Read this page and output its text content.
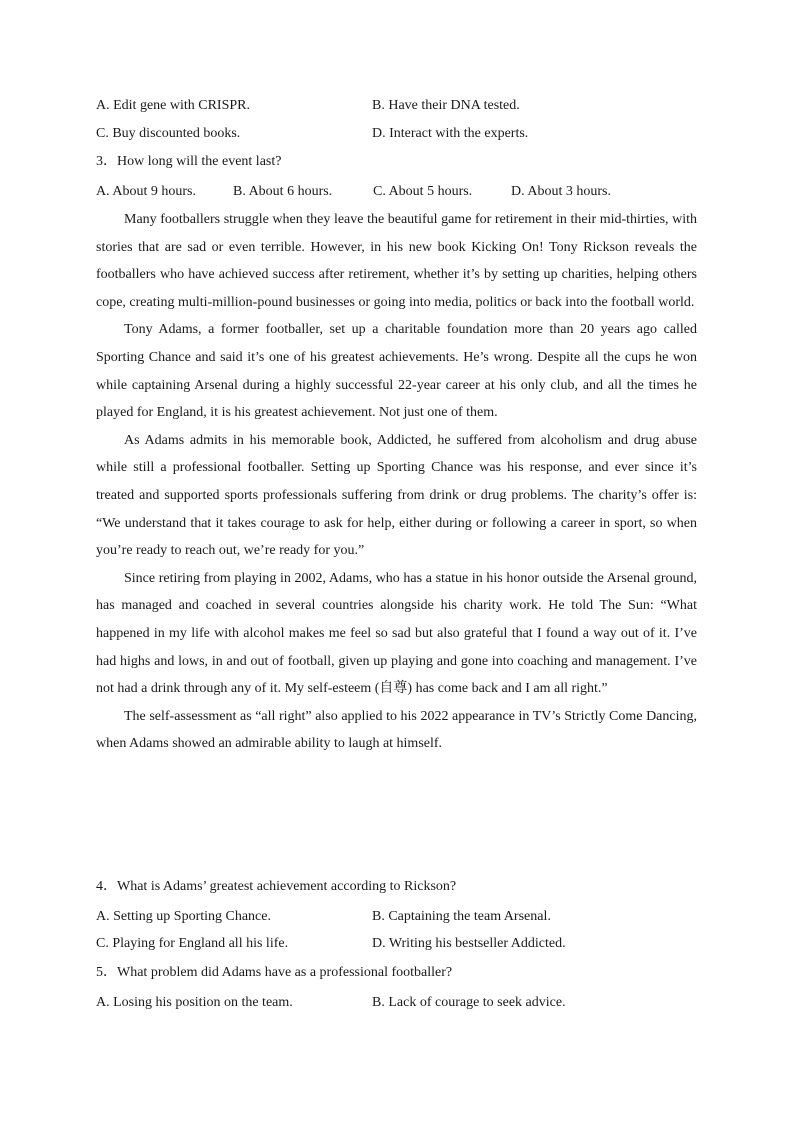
A. Edit gene with CRISPR.	B. Have their DNA tested.
C. Buy discounted books.	D. Interact with the experts.
3．How long will the event last?
A. About 9 hours.	B. About 6 hours.	C. About 5 hours.	D. About 3 hours.

Many footballers struggle when they leave the beautiful game for retirement in their mid-thirties, with stories that are sad or even terrible. However, in his new book Kicking On! Tony Rickson reveals the footballers who have achieved success after retirement, whether it’s by setting up charities, helping others cope, creating multi-million-pound businesses or going into media, politics or back into the football world.

Tony Adams, a former footballer, set up a charitable foundation more than 20 years ago called Sporting Chance and said it’s one of his greatest achievements. He’s wrong. Despite all the cups he won while captaining Arsenal during a highly successful 22-year career at his only club, and all the times he played for England, it is his greatest achievement. Not just one of them.

As Adams admits in his memorable book, Addicted, he suffered from alcoholism and drug abuse while still a professional footballer. Setting up Sporting Chance was his response, and ever since it’s treated and supported sports professionals suffering from drink or drug problems. The charity’s offer is: “We understand that it takes courage to ask for help, either during or following a career in sport, so when you’re ready to reach out, we’re ready for you.”

Since retiring from playing in 2002, Adams, who has a statue in his honor outside the Arsenal ground, has managed and coached in several countries alongside his charity work. He told The Sun: “What happened in my life with alcohol makes me feel so sad but also grateful that I found a way out of it. I’ve had highs and lows, in and out of football, given up playing and gone into coaching and management. I’ve not had a drink through any of it. My self-esteem (自尊) has come back and I am all right.”

The self-assessment as “all right” also applied to his 2022 appearance in TV’s Strictly Come Dancing, when Adams showed an admirable ability to laugh at himself.

4．What is Adams’ greatest achievement according to Rickson?
A. Setting up Sporting Chance.	B. Captaining the team Arsenal.
C. Playing for England all his life.	D. Writing his bestseller Addicted.
5．What problem did Adams have as a professional footballer?
A. Losing his position on the team.	B. Lack of courage to seek advice.
